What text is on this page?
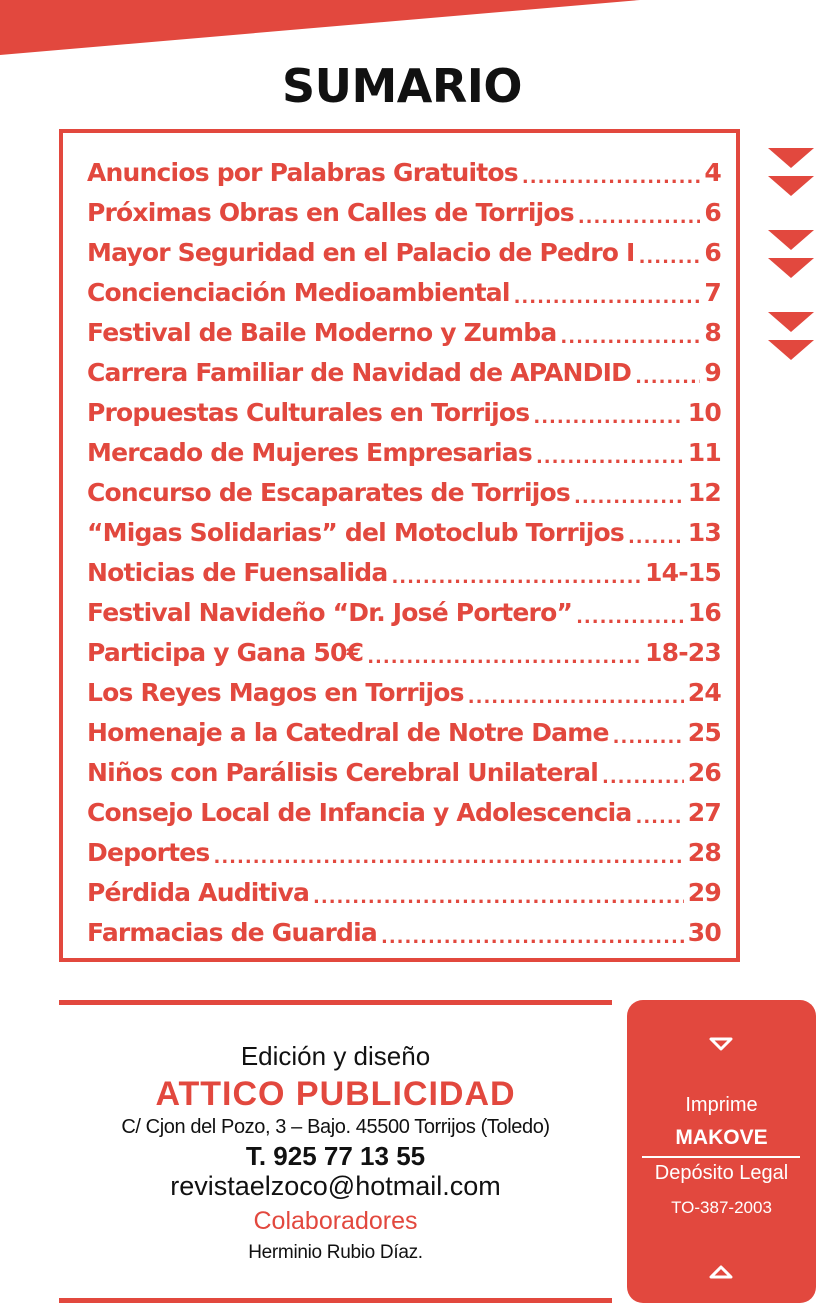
SUMARIO
Anuncios por Palabras Gratuitos .....	4
Próximas Obras en Calles de Torrijos .....	6
Mayor Seguridad en el Palacio de Pedro I .....	6
Concienciación Medioambiental .....	7
Festival de Baile Moderno y Zumba .....	8
Carrera Familiar de Navidad de APANDID .....	9
Propuestas Culturales en Torrijos .....	10
Mercado de Mujeres Empresarias .....	11
Concurso de Escaparates de Torrijos .....	12
“Migas Solidarias” del Motoclub Torrijos .....	13
Noticias de Fuensalida .....	14-15
Festival Navideño “Dr. José Portero” .....	16
Participa y Gana 50€ .....	18-23
Los Reyes Magos en Torrijos .....	24
Homenaje a la Catedral de Notre Dame .....	25
Niños con Parálisis Cerebral Unilateral .....	26
Consejo Local de Infancia y Adolescencia ..... 27
Deportes .....	28
Pérdida Auditiva .....	29
Farmacias de Guardia .....	30
Edición y diseño
ATTICO PUBLICIDAD
C/ Cjon del Pozo, 3 – Bajo. 45500 Torrijos (Toledo)
T. 925 77 13 55
revistaelzoco@hotmail.com
Colaboradores
Herminio Rubio Díaz.
Imprime
MAKOVE
Depósito Legal
TO-387-2003
